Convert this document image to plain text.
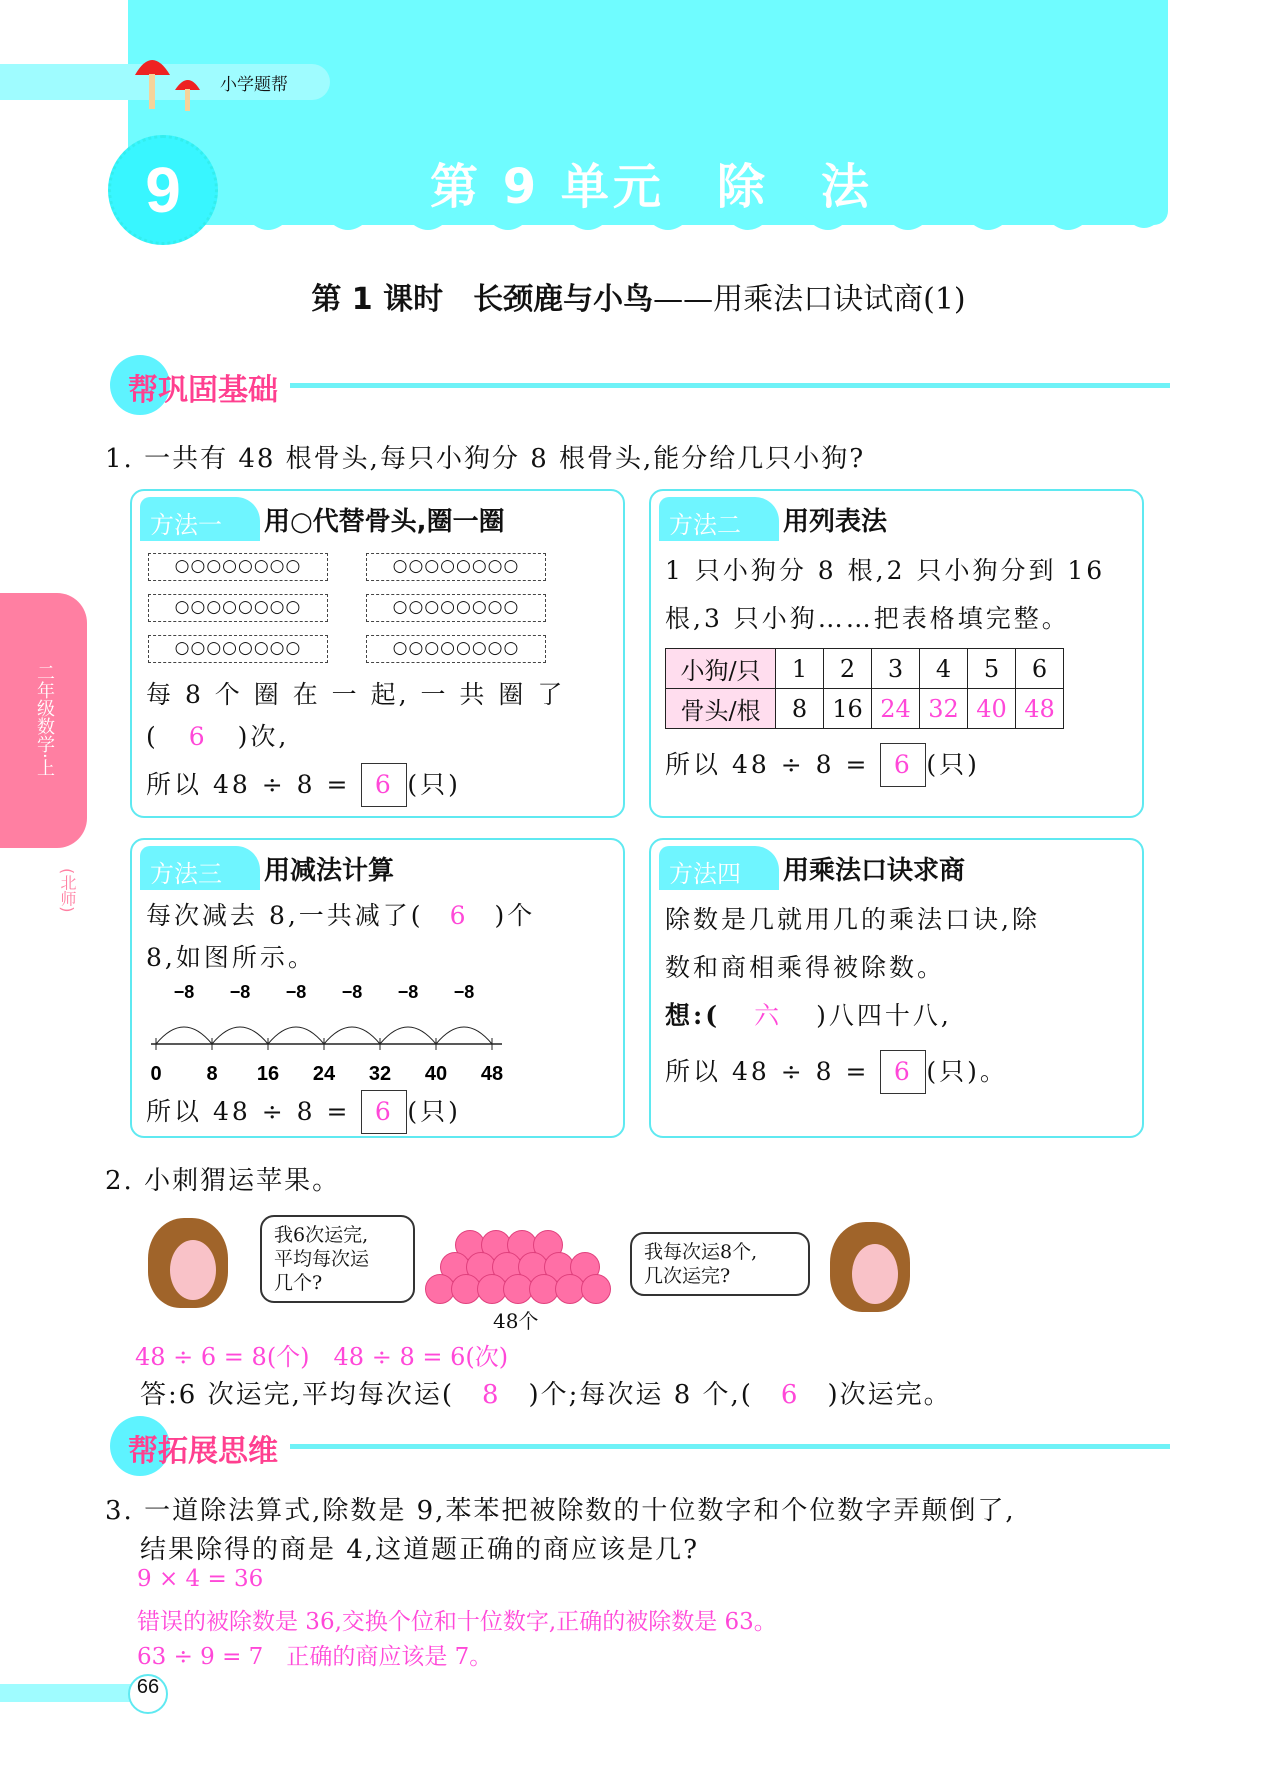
小学题帮
9	第 9 单元　除　法
二年级数学·上
(北师)
第 1 课时　长颈鹿与小鸟——用乘法口诀试商(1)
帮巩固基础
1. 一共有 48 根骨头,每只小狗分 8 根骨头,能分给几只小狗?
方法一	用○代替骨头,圈一圈
○○○○○○○○	○○○○○○○○
○○○○○○○○	○○○○○○○○
○○○○○○○○	○○○○○○○○
每 8 个 圈 在 一 起, 一 共 圈 了
( 6 )次,
所以 48 ÷ 8 = 6 (只)
方法二	用列表法
1 只小狗分 8 根,2 只小狗分到 16
根,3 只小狗……把表格填完整。
小狗/只	1	2	3	4	5	6
骨头/根	8	16	24	32	40	48
所以 48 ÷ 8 = 6 (只)
方法三	用减法计算
每次减去 8,一共减了( 6 )个
8,如图所示。
0 8 16 24 32 40 48
−8 −8 −8 −8 −8 −8
所以 48 ÷ 8 = 6 (只)
方法四	用乘法口诀求商
除数是几就用几的乘法口诀,除
数和商相乘得被除数。
想:( 六 )八四十八,
所以 48 ÷ 8 = 6 (只)。
2. 小刺猬运苹果。
我6次运完,
平均每次运
几个?
48个
我每次运8个,
几次运完?
48 ÷ 6 = 8(个)　48 ÷ 8 = 6(次)
答:6 次运完,平均每次运( 8 )个;每次运 8 个,( 6 )次运完。
帮拓展思维
3. 一道除法算式,除数是 9,苯苯把被除数的十位数字和个位数字弄颠倒了,
结果除得的商是 4,这道题正确的商应该是几?
9 × 4 = 36
错误的被除数是 36,交换个位和十位数字,正确的被除数是 63。
63 ÷ 9 = 7　正确的商应该是 7。
66
